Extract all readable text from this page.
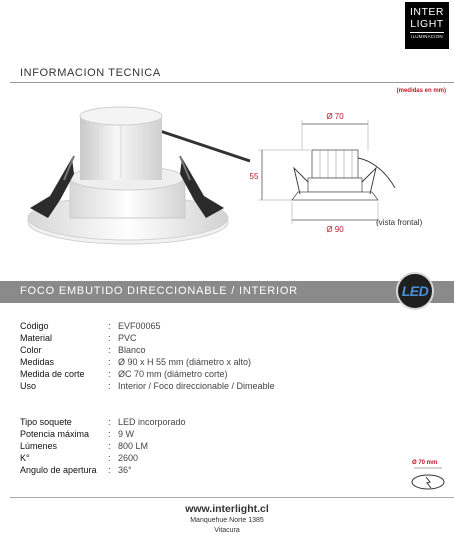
INTER
LIGHT
ILUMINACION
INFORMACION TECNICA
(medidas en mm)
Ø 70
55
Ø 90
(vista frontal)
FOCO EMBUTIDO DIRECCIONABLE / INTERIOR	LED
Código	: EVF00065
Material	: PVC
Color	: Blanco
Medidas	: Ø 90 x H 55 mm (diámetro x alto)
Medida de corte	: ØC 70 mm (diámetro corte)
Uso	: Interior / Foco direccionable / Dimeable
Tipo soquete	: LED incorporado
Potencia máxima : 9 W
Lúmenes	: 800 LM
K°	: 2600
Angulo de apertura : 36°
Ø 70 mm
www.interlight.cl
Manquehue Norte 1385
Vitacura
